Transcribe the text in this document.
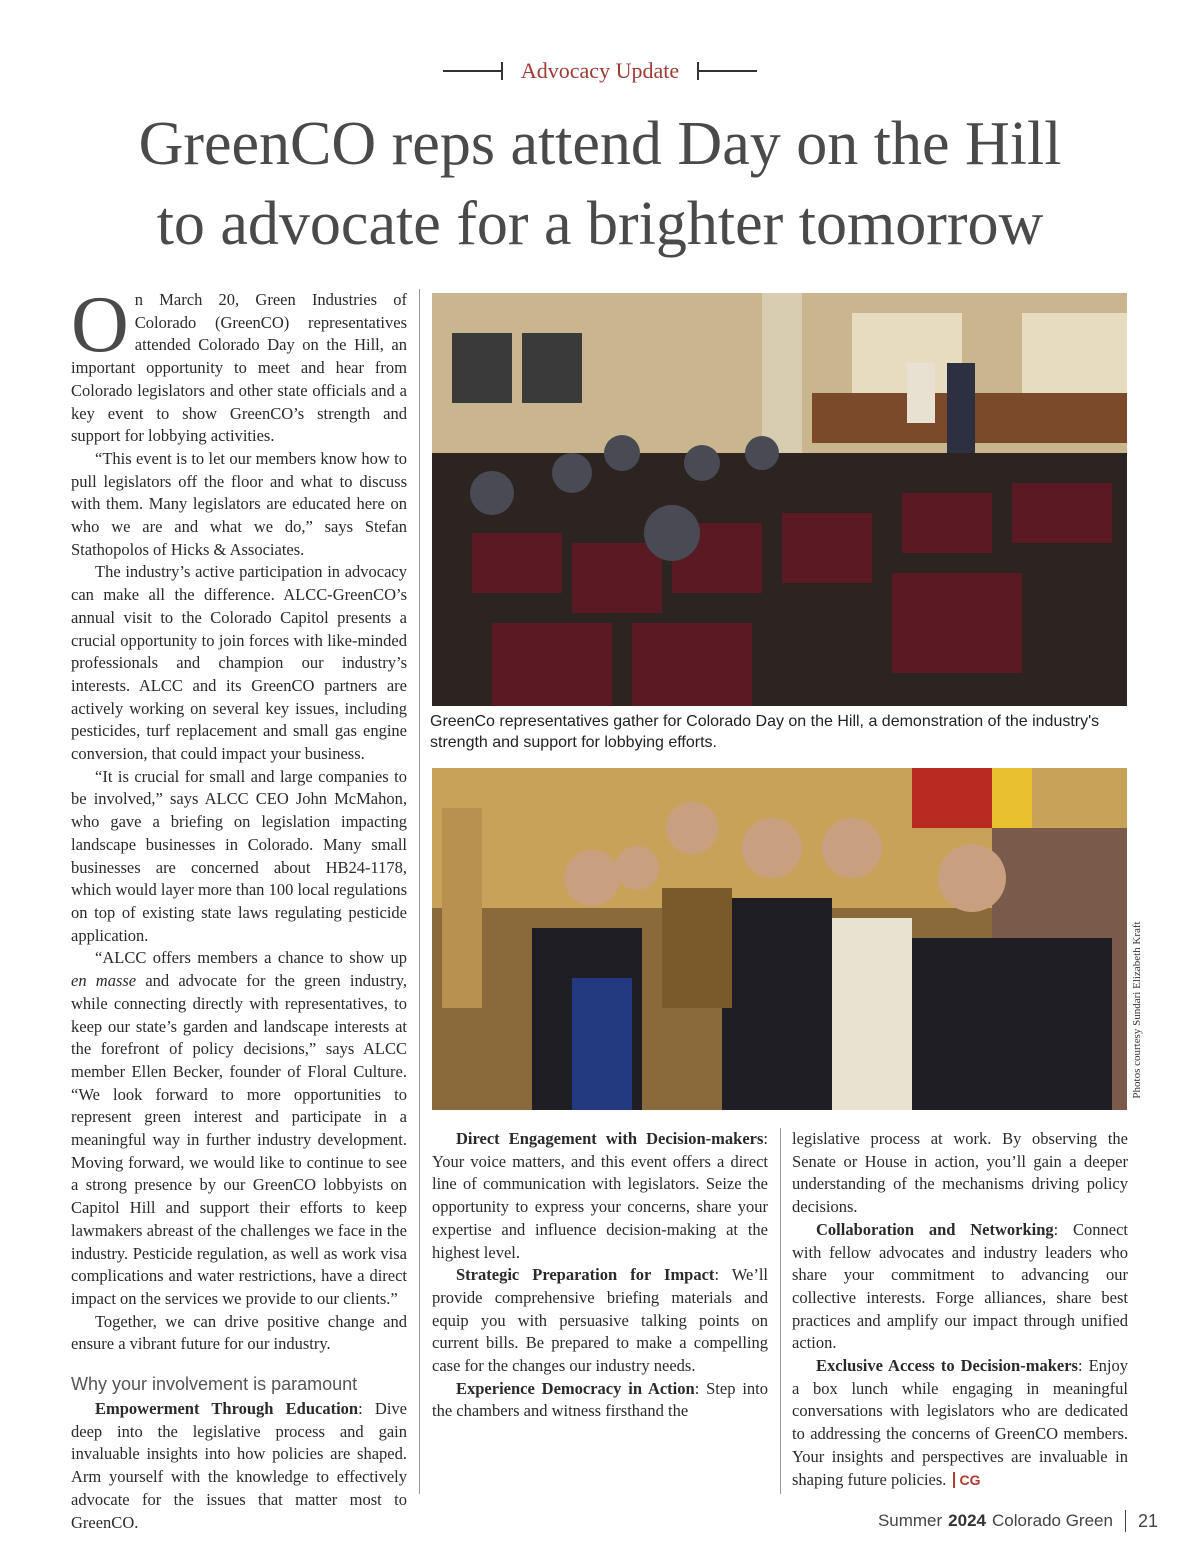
Advocacy Update
GreenCO reps attend Day on the Hill
to advocate for a brighter tomorrow

On March 20, Green Industries of Colorado (GreenCO) representatives attended Colorado Day on the Hill, an important opportunity to meet and hear from Colorado legislators and other state officials and a key event to show GreenCO’s strength and support for lobbying activities.

“This event is to let our members know how to pull legislators off the floor and what to discuss with them. Many legislators are educated here on who we are and what we do,” says Stefan Stathopolos of Hicks & Associates.

The industry’s active participation in advocacy can make all the difference. ALCC-GreenCO’s annual visit to the Colorado Capitol presents a crucial opportunity to join forces with like-minded professionals and champion our industry’s interests. ALCC and its GreenCO partners are actively working on several key issues, including pesticides, turf replacement and small gas engine conversion, that could impact your business.

“It is crucial for small and large companies to be involved,” says ALCC CEO John McMahon, who gave a briefing on legislation impacting landscape businesses in Colorado. Many small businesses are concerned about HB24-1178, which would layer more than 100 local regulations on top of existing state laws regulating pesticide application.

“ALCC offers members a chance to show up en masse and advocate for the green industry, while connecting directly with representatives, to keep our state’s garden and landscape interests at the forefront of policy decisions,” says ALCC member Ellen Becker, founder of Floral Culture. “We look forward to more opportunities to represent green interest and participate in a meaningful way in further industry development. Moving forward, we would like to continue to see a strong presence by our GreenCO lobbyists on Capitol Hill and support their efforts to keep lawmakers abreast of the challenges we face in the industry. Pesticide regulation, as well as work visa complications and water restrictions, have a direct impact on the services we provide to our clients.”

Together, we can drive positive change and ensure a vibrant future for our industry.

Why your involvement is paramount

Empowerment Through Education: Dive deep into the legislative process and gain invaluable insights into how policies are shaped. Arm yourself with the knowledge to effectively advocate for the issues that matter most to GreenCO.

GreenCo representatives gather for Colorado Day on the Hill, a demonstration of the industry's strength and support for lobbying efforts.

Photos courtesy Sundari Elizabeth Kraft

Direct Engagement with Decision-makers: Your voice matters, and this event offers a direct line of communication with legislators. Seize the opportunity to express your concerns, share your expertise and influence decision-making at the highest level.

Strategic Preparation for Impact: We’ll provide comprehensive briefing materials and equip you with persuasive talking points on current bills. Be prepared to make a compelling case for the changes our industry needs.

Experience Democracy in Action: Step into the chambers and witness firsthand the

legislative process at work. By observing the Senate or House in action, you’ll gain a deeper understanding of the mechanisms driving policy decisions.

Collaboration and Networking: Connect with fellow advocates and industry leaders who share your commitment to advancing our collective interests. Forge alliances, share best practices and amplify our impact through unified action.

Exclusive Access to Decision-makers: Enjoy a box lunch while engaging in meaningful conversations with legislators who are dedicated to addressing the concerns of GreenCO members. Your insights and perspectives are invaluable in shaping future policies. CG

Summer 2024 Colorado Green 21
